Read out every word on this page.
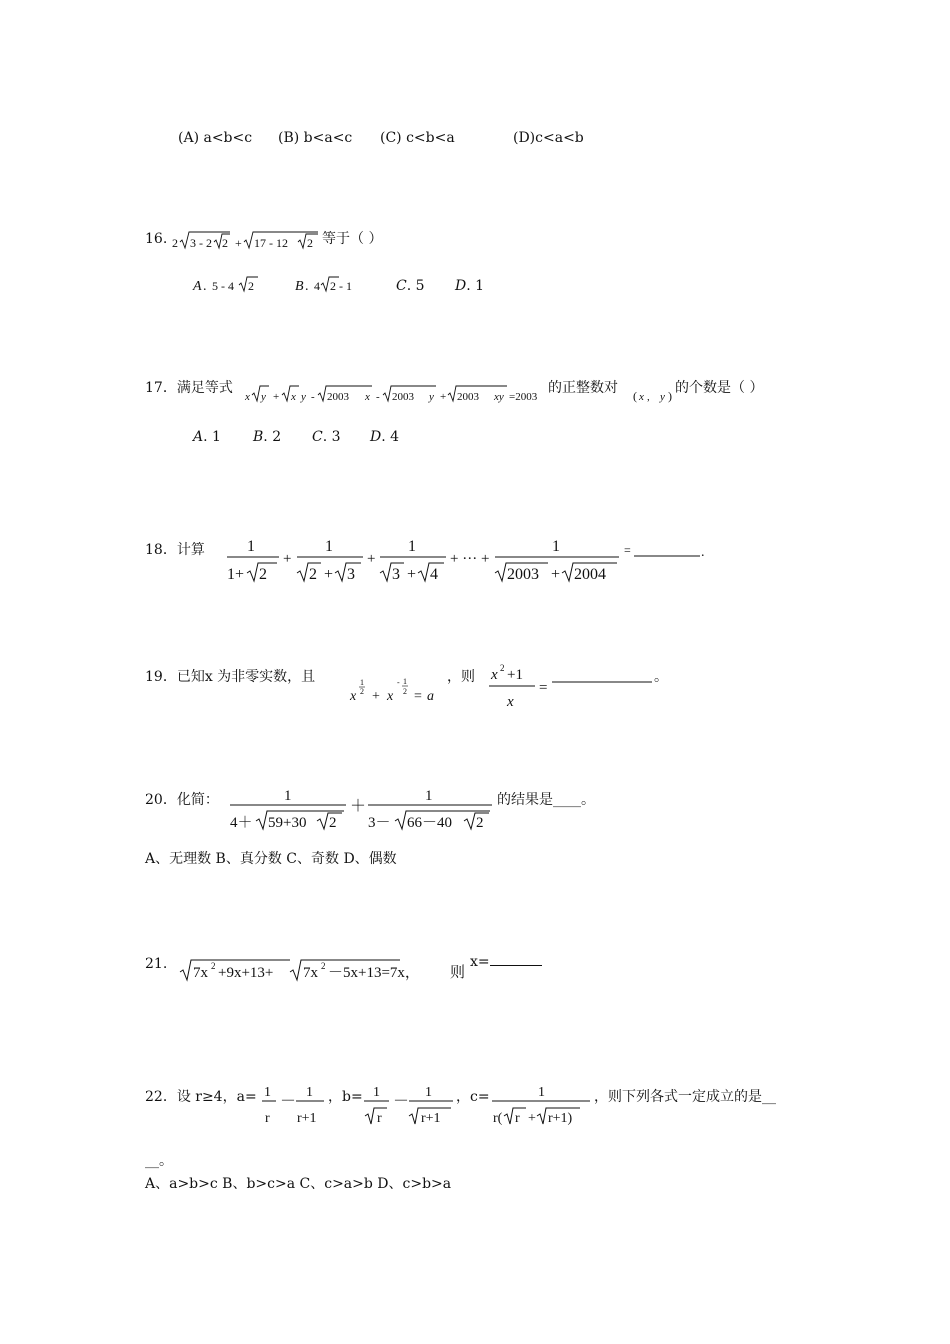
(A) a<b<c (B) b<a<c (C) c<b<a	(D)c<a<b
16. 2 3 - 2 2 + 17 - 12 2 等于（ ）
A . 5 - 4 2	B . 4 2 - 1	C. 5 D. 1
17．满足等式
x y + x y - 2003 x - 2003 y + 2003 xy =2003
的正整数对 ( x , y ) 的个数是（ ）
A. 1 B. 2 C. 3 D. 4
18．计算	1
1+ 2
+
1
2 + 3
+
1
3 + 4
+ ··· +
1
2003 + 2004
=	.
19．已知x 为非零实数，且
x
1
2 + x
- 1
2 = a
，则 x 2 +1
x
=
。
20．化简：	1
4＋ 59+30 2
＋
1
3－ 66－40 2
的结果是____。
A、无理数 B、真分数 C、奇数 D、偶数
21.
7x 2 +9x+13+ 7x 2 －5x+13=7x， 则
x=
22．设 r≥4，a= 1
r
－
1
r+1
，b= 1
r
－
1
r+1
，c=	1
r( r + r+1)
，则下列各式一定成立的是__
__。
A、a>b>c B、b>c>a C、c>a>b D、c>b>a
